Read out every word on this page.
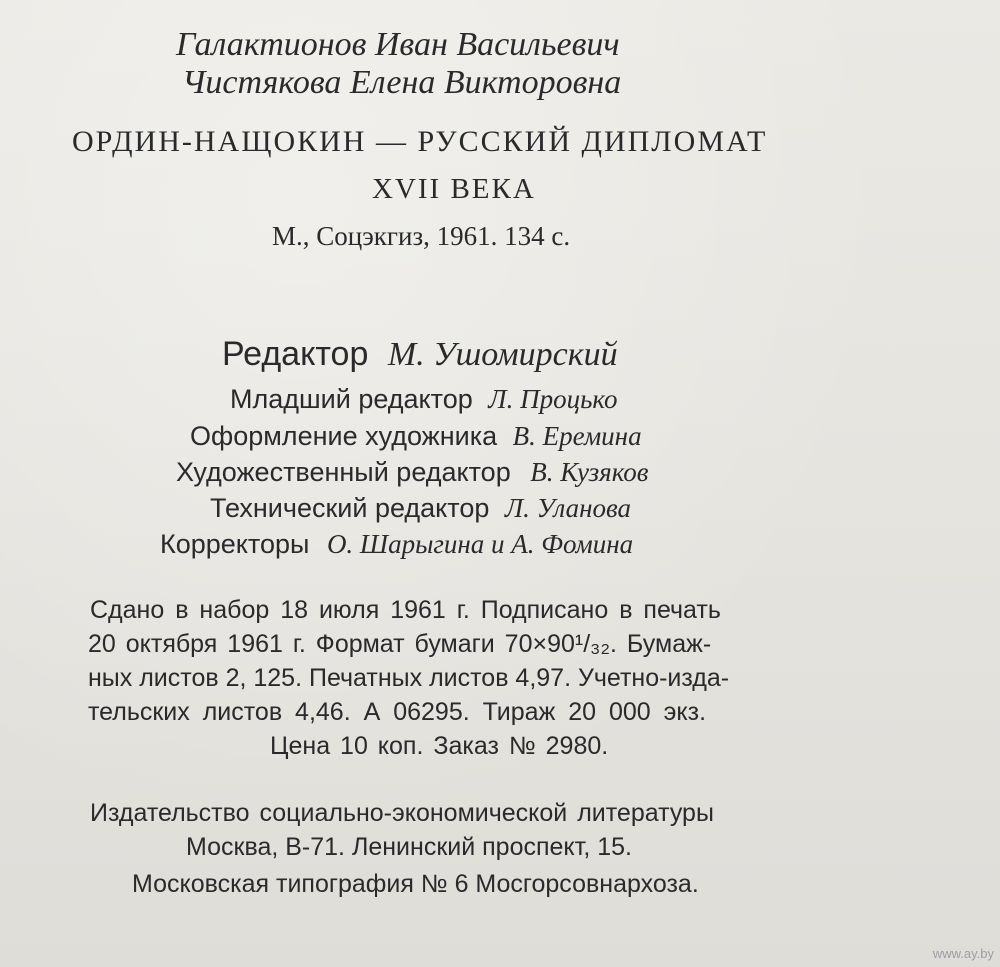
Галактионов Иван Васильевич
Чистякова Елена Викторовна
ОРДИН-НАЩОКИН — РУССКИЙ ДИПЛОМАТ
XVII ВЕКА
М., Соцэкгиз, 1961. 134 с.
Редактор М. Ушомирский
Младший редактор Л. Процько
Оформление художника В. Еремина
Художественный редактор В. Кузяков
Технический редактор Л. Уланова
Корректоры О. Шарыгина и А. Фомина
Сдано в набор 18 июля 1961 г. Подписано в печать
20 октября 1961 г. Формат бумаги 70×90¹/₃₂. Бумаж-
ных листов 2, 125. Печатных листов 4,97. Учетно-изда-
тельских листов 4,46. А 06295. Тираж 20 000 экз.
Цена 10 коп. Заказ № 2980.
Издательство социально-экономической литературы
Москва, В-71. Ленинский проспект, 15.
Московская типография № 6 Мосгорсовнархоза.
www.ay.by
